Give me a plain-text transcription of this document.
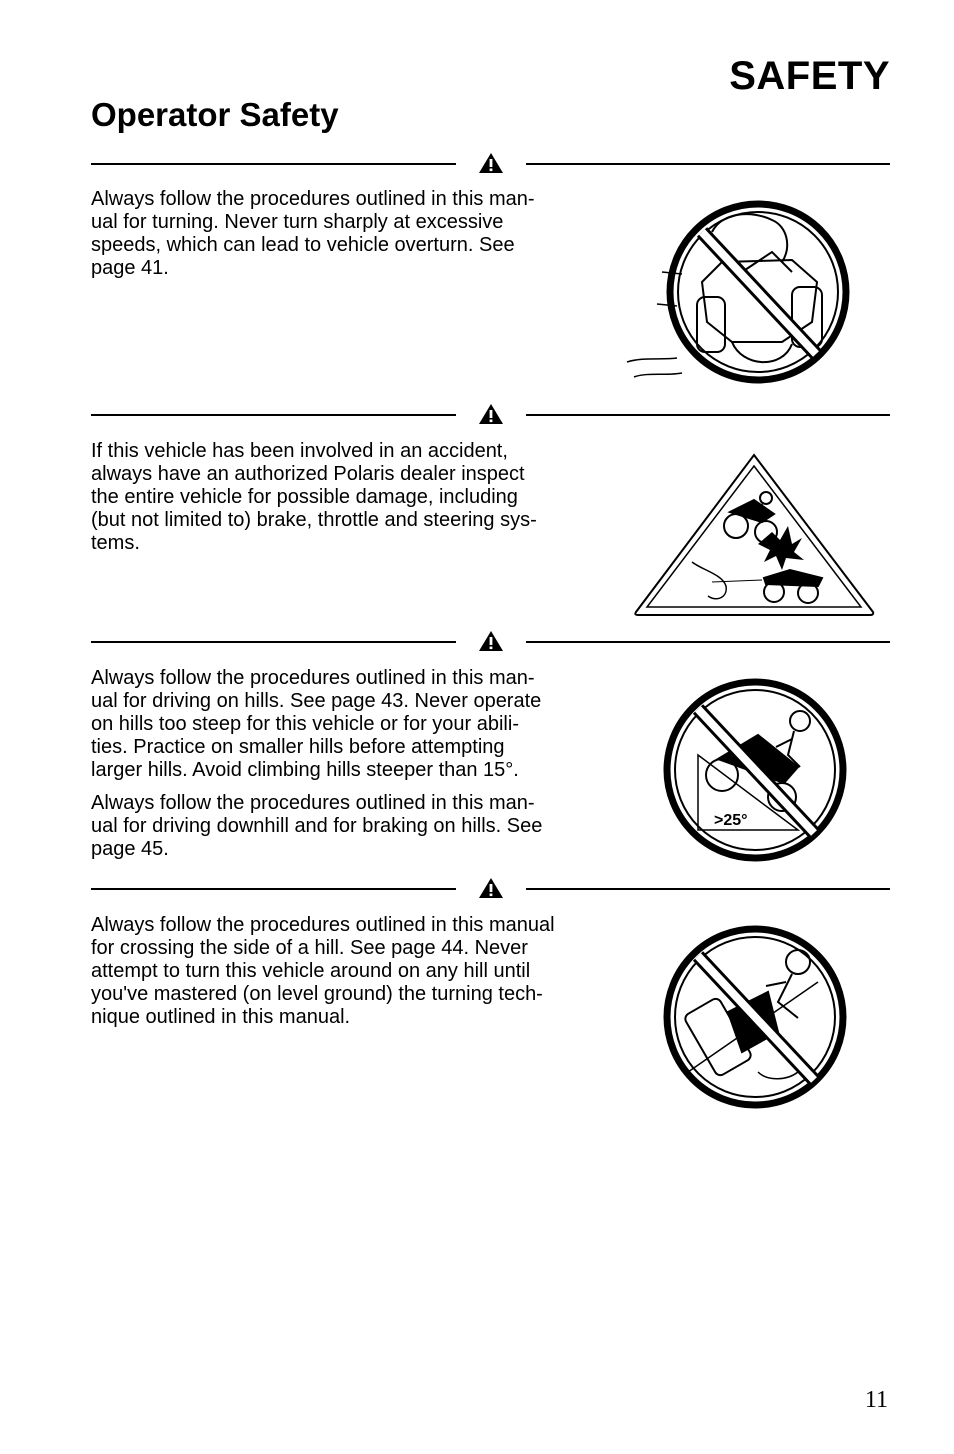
SAFETY
Operator Safety

Always follow the procedures outlined in this man-
ual for turning. Never turn sharply at excessive
speeds, which can lead to vehicle overturn. See
page 41.

If this vehicle has been involved in an accident,
always have an authorized Polaris dealer inspect
the entire vehicle for possible damage, including
(but not limited to) brake, throttle and steering sys-
tems.

Always follow the procedures outlined in this man-
ual for driving on hills. See page 43. Never operate
on hills too steep for this vehicle or for your abili-
ties. Practice on smaller hills before attempting
larger hills. Avoid climbing hills steeper than 15°.

Always follow the procedures outlined in this man-
ual for driving downhill and for braking on hills. See
page 45.

>25°

Always follow the procedures outlined in this manual
for crossing the side of a hill. See page 44. Never
attempt to turn this vehicle around on any hill until
you've mastered (on level ground) the turning tech-
nique outlined in this manual.

11
